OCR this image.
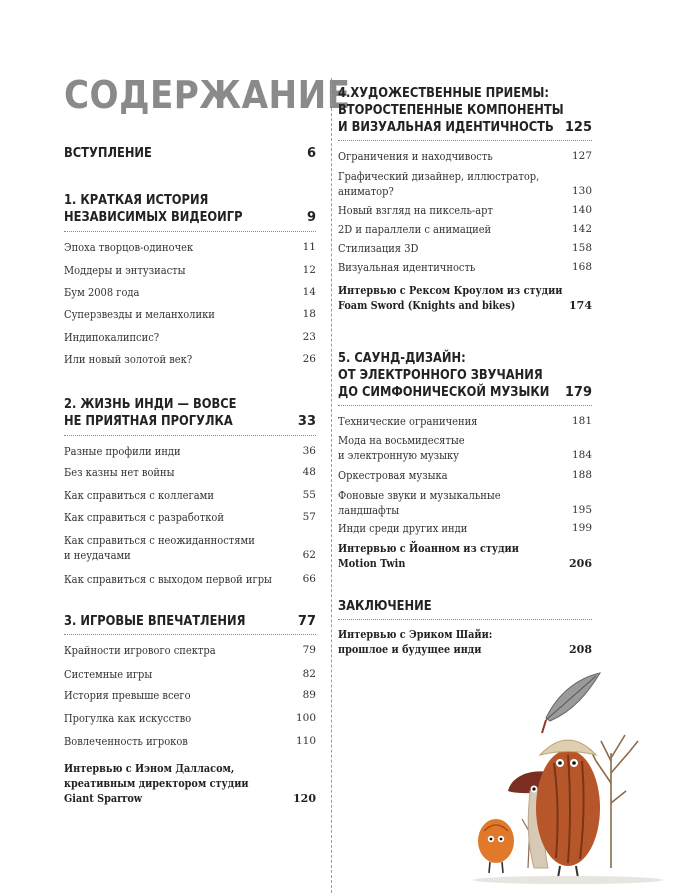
СОДЕРЖАНИЕ
ВСТУПЛЕНИЕ	6
1. КРАТКАЯ ИСТОРИЯ
НЕЗАВИСИМЫХ ВИДЕОИГР	9
Эпоха творцов-одиночек	11
Моддеры и энтузиасты	12
Бум 2008 года	14
Суперзвезды и меланхолики	18
Индипокалипсис?	23
Или новый золотой век?	26
2. ЖИЗНЬ ИНДИ — ВОВСЕ
НЕ ПРИЯТНАЯ ПРОГУЛКА	33
Разные профили инди	36
Без казны нет войны	48
Как справиться с коллегами	55
Как справиться с разработкой	57
Как справиться с неожиданностями
и неудачами	62
Как справиться с выходом первой игры	66
3. ИГРОВЫЕ ВПЕЧАТЛЕНИЯ	77
Крайности игрового спектра	79
Системные игры	82
История превыше всего	89
Прогулка как искусство	100
Вовлеченность игроков	110
Интервью с Иэном Далласом,
креативным директором студии
Giant Sparrow	120
4.ХУДОЖЕСТВЕННЫЕ ПРИЕМЫ:
ВТОРОСТЕПЕННЫЕ КОМПОНЕНТЫ
И ВИЗУАЛЬНАЯ ИДЕНТИЧНОСТЬ 125
Ограничения и находчивость	127
Графический дизайнер, иллюстратор,
аниматор?	130
Новый взгляд на пиксель-арт	140
2D и параллели с анимацией	142
Стилизация 3D	158
Визуальная идентичность	168
Интервью с Рексом Кроулом из студии
Foam Sword (Knights and bikes)	174
5. САУНД-ДИЗАЙН:
ОТ ЭЛЕКТРОННОГО ЗВУЧАНИЯ
ДО СИМФОНИЧЕСКОЙ МУЗЫКИ	179
Технические ограничения	181
Мода на восьмидесятые
и электронную музыку	184
Оркестровая музыка	188
Фоновые звуки и музыкальные
ландшафты	195
Инди среди других инди	199
Интервью с Йоанном из студии
Motion Twin	206
ЗАКЛЮЧЕНИЕ
Интервью с Эриком Шайи:
прошлое и будущее инди	208
